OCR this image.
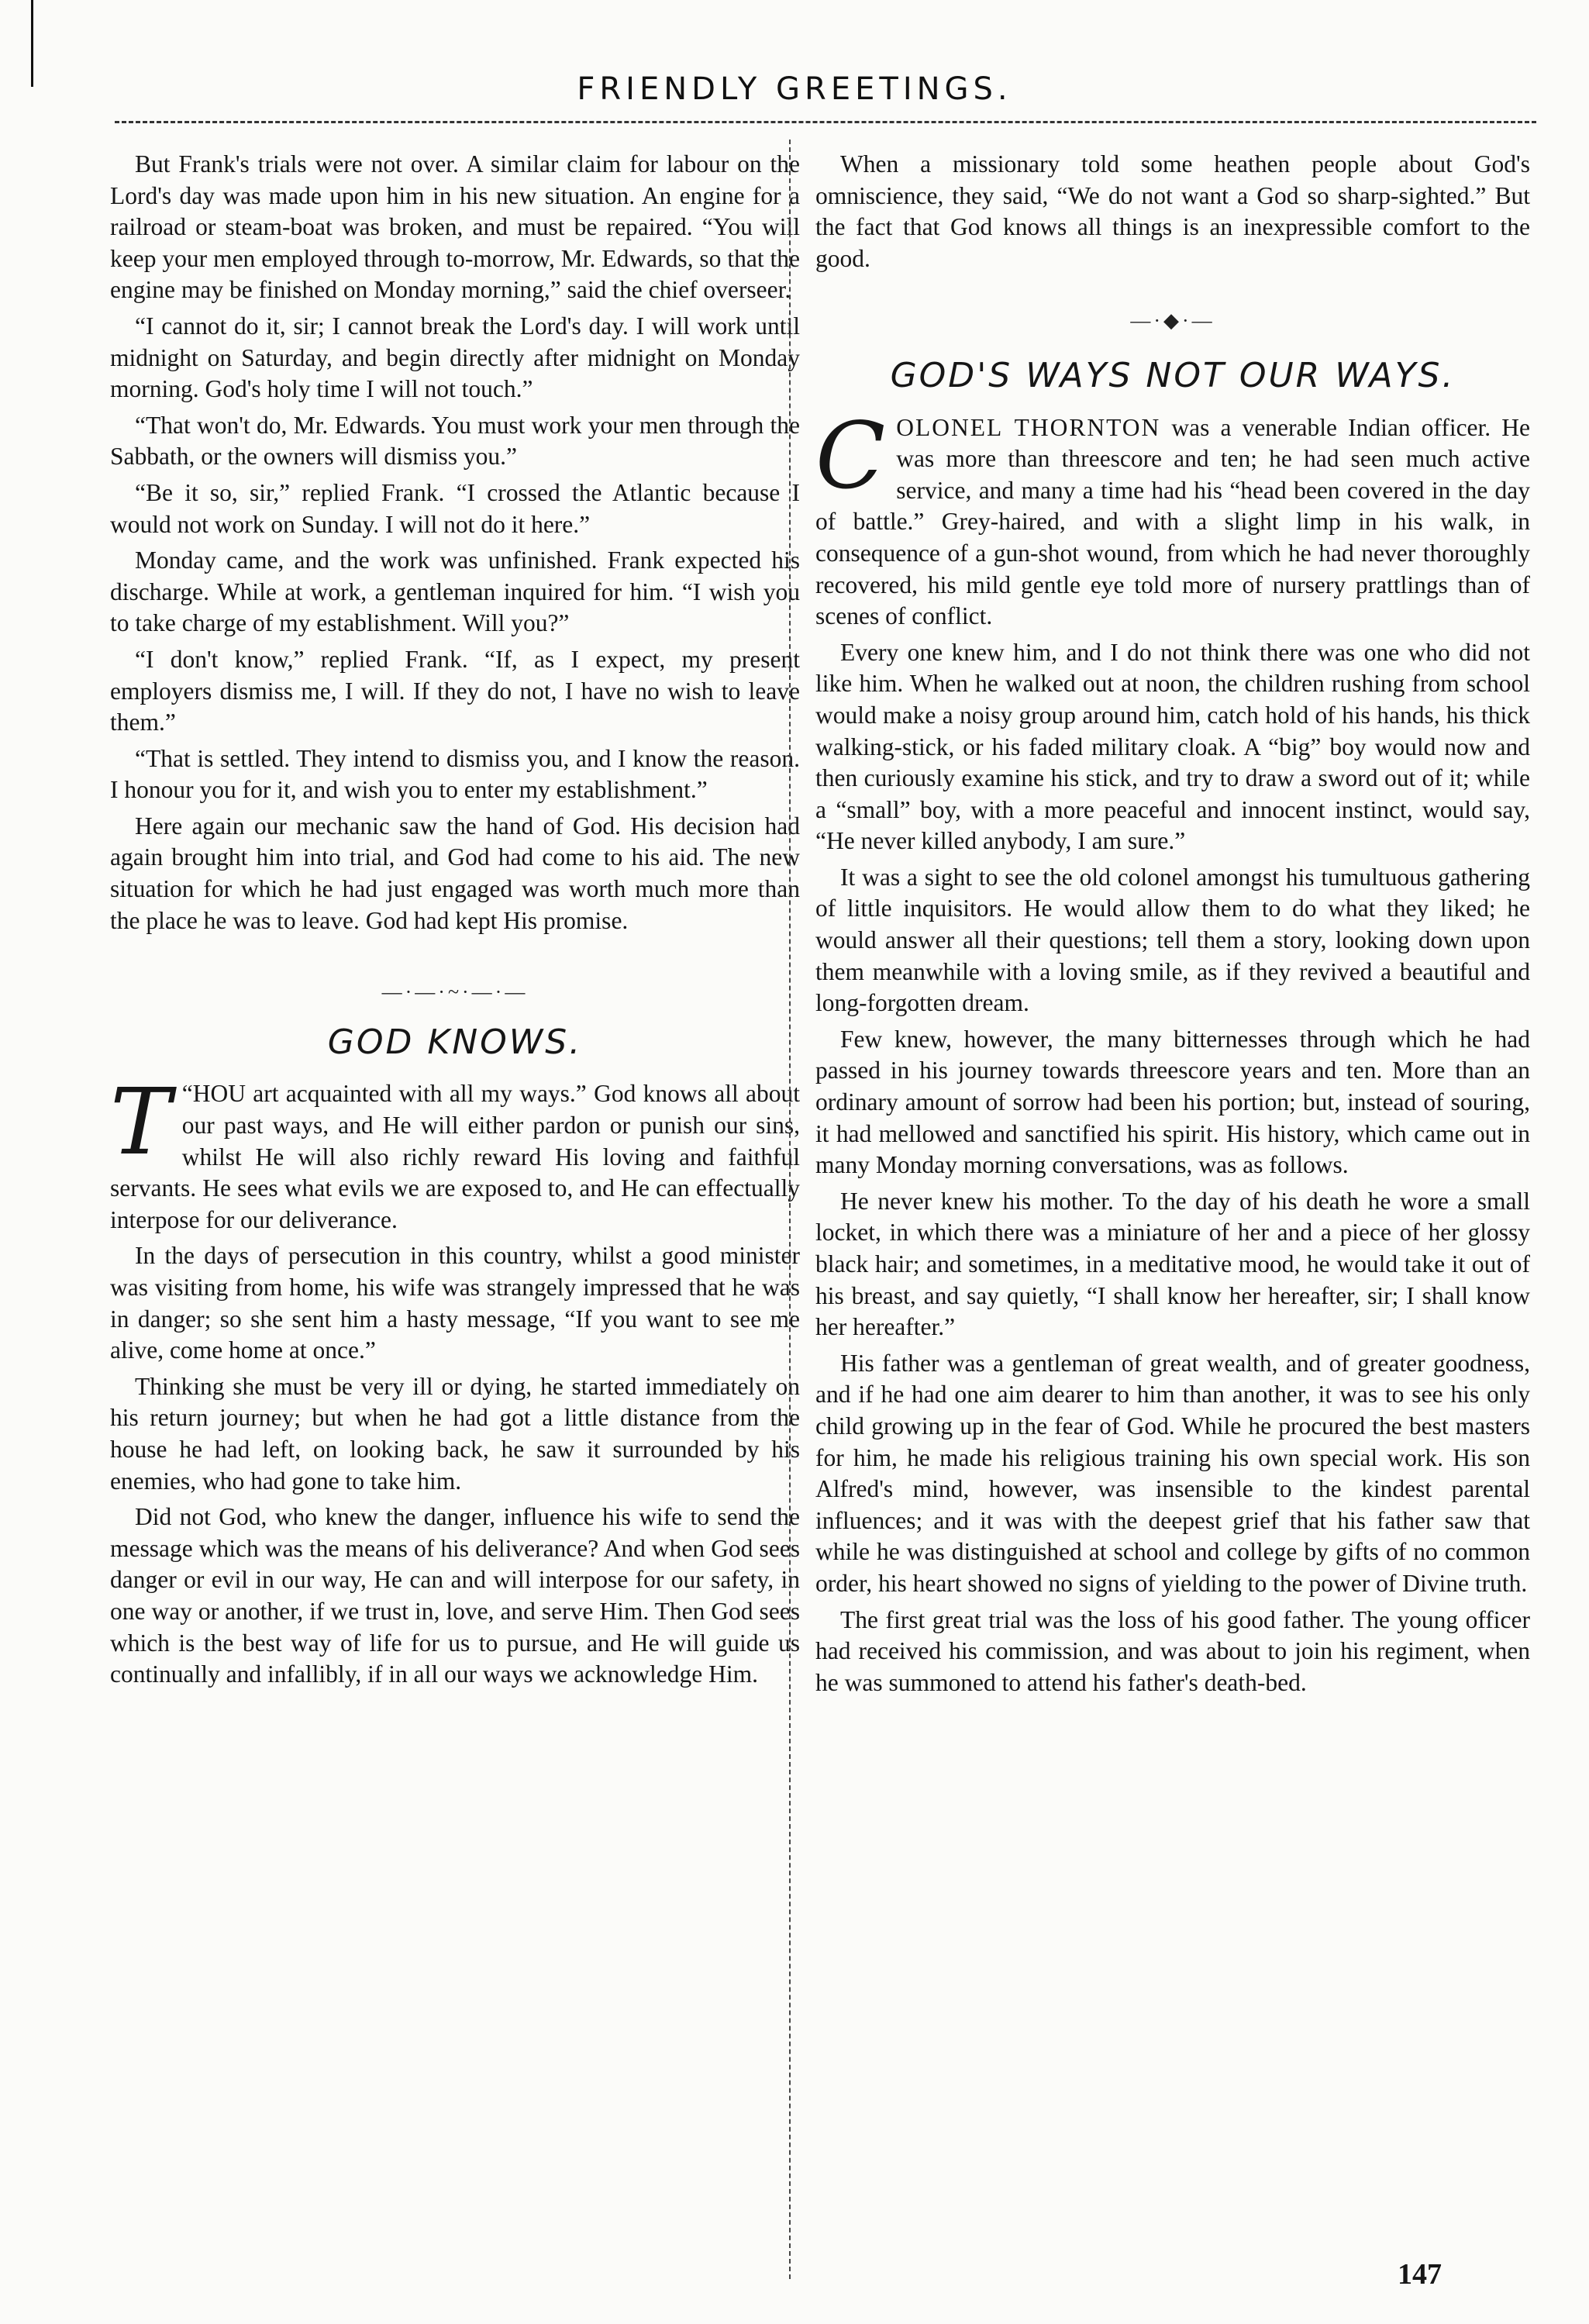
FRIENDLY GREETINGS.

But Frank's trials were not over. A similar claim for labour on the Lord's day was made upon him in his new situation. An engine for a railroad or steam-boat was broken, and must be repaired. “You will keep your men employed through to-morrow, Mr. Edwards, so that the engine may be finished on Monday morning,” said the chief overseer.

“I cannot do it, sir; I cannot break the Lord's day. I will work until midnight on Saturday, and begin directly after midnight on Monday morning. God's holy time I will not touch.”

“That won't do, Mr. Edwards. You must work your men through the Sabbath, or the owners will dismiss you.”

“Be it so, sir,” replied Frank. “I crossed the Atlantic because I would not work on Sunday. I will not do it here.”

Monday came, and the work was unfinished. Frank expected his discharge. While at work, a gentleman inquired for him. “I wish you to take charge of my establishment. Will you?”

“I don't know,” replied Frank. “If, as I expect, my present employers dismiss me, I will. If they do not, I have no wish to leave them.”

“That is settled. They intend to dismiss you, and I know the reason. I honour you for it, and wish you to enter my establishment.”

Here again our mechanic saw the hand of God. His decision had again brought him into trial, and God had come to his aid. The new situation for which he had just engaged was worth much more than the place he was to leave. God had kept His promise.

—·—·~·—·—
GOD KNOWS.

“
T HOU art acquainted with all my ways.” God knows all about our past ways, and He will either pardon or punish our sins, whilst He will also richly reward His loving and faithful servants. He sees what evils we are exposed to, and He can effectually interpose for our deliverance.

In the days of persecution in this country, whilst a good minister was visiting from home, his wife was strangely impressed that he was in danger; so she sent him a hasty message, “If you want to see me alive, come home at once.”

Thinking she must be very ill or dying, he started immediately on his return journey; but when he had got a little distance from the house he had left, on looking back, he saw it surrounded by his enemies, who had gone to take him.

Did not God, who knew the danger, influence his wife to send the message which was the means of his deliverance? And when God sees danger or evil in our way, He can and will interpose for our safety, in one way or another, if we trust in, love, and serve Him. Then God sees which is the best way of life for us to pursue, and He will guide us continually and infallibly, if in all our ways we acknowledge Him.

When a missionary told some heathen people about God's omniscience, they said, “We do not want a God so sharp-sighted.” But the fact that God knows all things is an inexpressible comfort to the good.

—·◆·—
GOD'S WAYS NOT OUR WAYS.

COLONEL THORNTON was a venerable Indian officer. He was more than threescore and ten; he had seen much active service, and many a time had his “head been covered in the day of battle.” Grey-haired, and with a slight limp in his walk, in consequence of a gun-shot wound, from which he had never thoroughly recovered, his mild gentle eye told more of nursery prattlings than of scenes of conflict.

Every one knew him, and I do not think there was one who did not like him. When he walked out at noon, the children rushing from school would make a noisy group around him, catch hold of his hands, his thick walking-stick, or his faded military cloak. A “big” boy would now and then curiously examine his stick, and try to draw a sword out of it; while a “small” boy, with a more peaceful and innocent instinct, would say, “He never killed anybody, I am sure.”

It was a sight to see the old colonel amongst his tumultuous gathering of little inquisitors. He would allow them to do what they liked; he would answer all their questions; tell them a story, looking down upon them meanwhile with a loving smile, as if they revived a beautiful and long-forgotten dream.

Few knew, however, the many bitternesses through which he had passed in his journey towards threescore years and ten. More than an ordinary amount of sorrow had been his portion; but, instead of souring, it had mellowed and sanctified his spirit. His history, which came out in many Monday morning conversations, was as follows.

He never knew his mother. To the day of his death he wore a small locket, in which there was a miniature of her and a piece of her glossy black hair; and sometimes, in a meditative mood, he would take it out of his breast, and say quietly, “I shall know her hereafter, sir; I shall know her hereafter.”

His father was a gentleman of great wealth, and of greater goodness, and if he had one aim dearer to him than another, it was to see his only child growing up in the fear of God. While he procured the best masters for him, he made his religious training his own special work. His son Alfred's mind, however, was insensible to the kindest parental influences; and it was with the deepest grief that his father saw that while he was distinguished at school and college by gifts of no common order, his heart showed no signs of yielding to the power of Divine truth.

The first great trial was the loss of his good father. The young officer had received his commission, and was about to join his regiment, when he was summoned to attend his father's death-bed.

147
